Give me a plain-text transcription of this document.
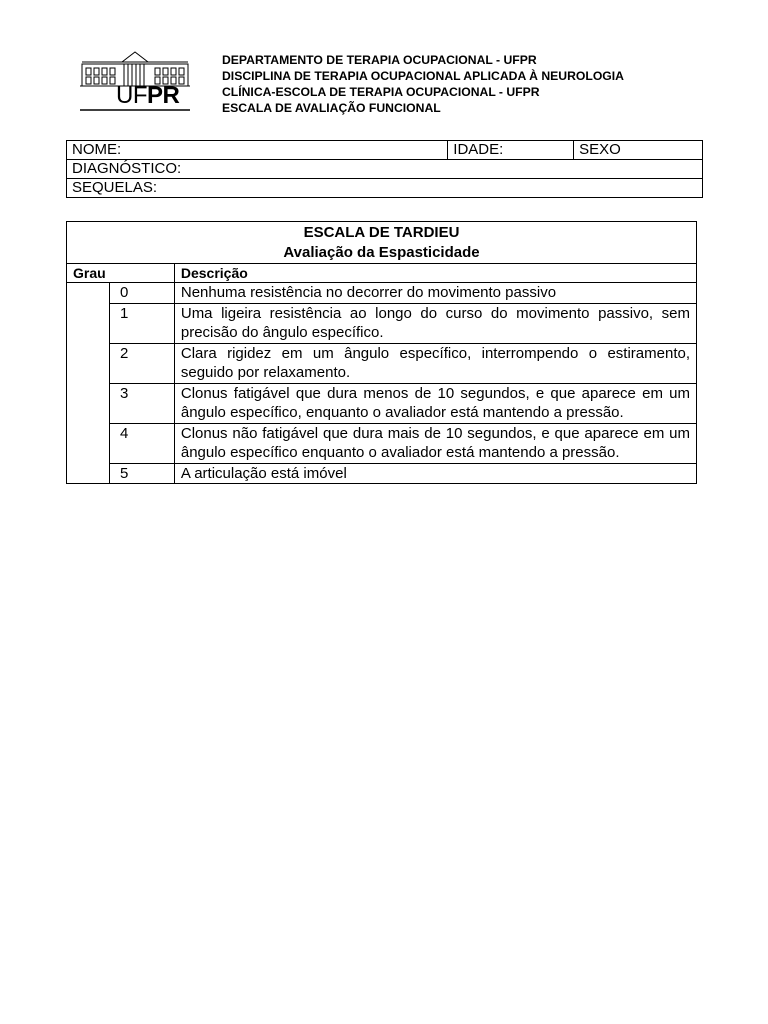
UFPR
DEPARTAMENTO DE TERAPIA OCUPACIONAL - UFPR
DISCIPLINA DE TERAPIA OCUPACIONAL APLICADA À NEUROLOGIA
CLÍNICA-ESCOLA DE TERAPIA OCUPACIONAL - UFPR
ESCALA DE AVALIAÇÃO FUNCIONAL
NOME:	IDADE:	SEXO
DIAGNÓSTICO:
SEQUELAS:
ESCALA DE TARDIEU
Avaliação da Espasticidade		

Grau		Descrição
	0	Nenhuma resistência no decorrer do movimento passivo
	1	Uma ligeira resistência ao longo do curso do movimento passivo, sem precisão do ângulo específico.
	2	Clara rigidez em um ângulo específico, interrompendo o estiramento, seguido por relaxamento.
	3	Clonus fatigável que dura menos de 10 segundos, e que aparece em um ângulo específico, enquanto o avaliador está mantendo a pressão.
	4	Clonus não fatigável que dura mais de 10 segundos, e que aparece em um ângulo específico enquanto o avaliador está mantendo a pressão.
	5	A articulação está imóvel
